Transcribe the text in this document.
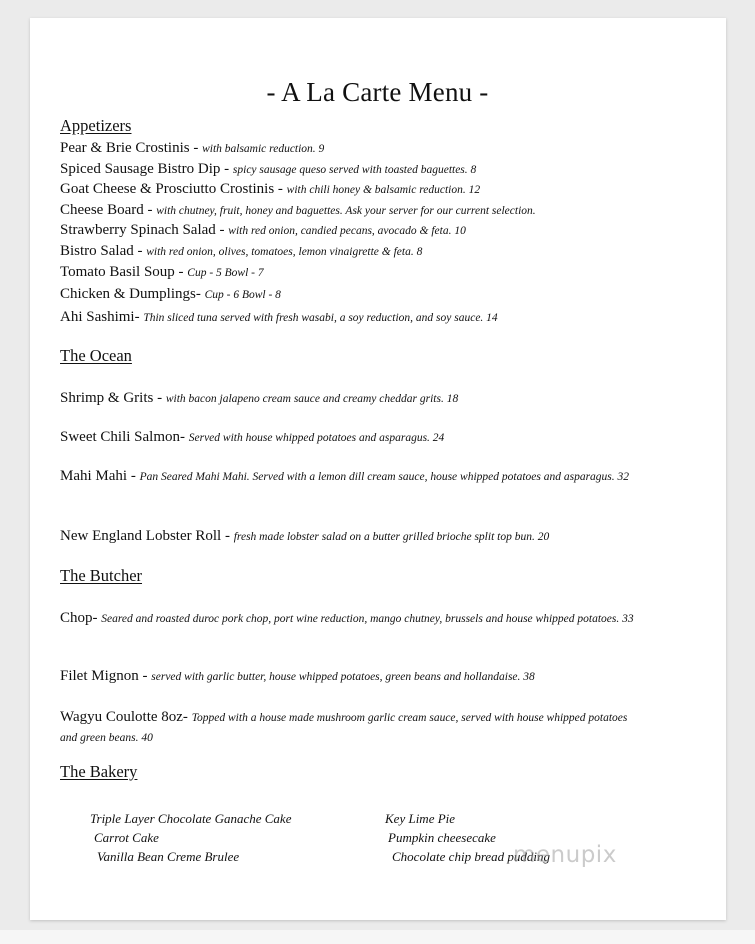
- A La Carte Menu -
Appetizers
Pear & Brie Crostinis - with balsamic reduction. 9
Spiced Sausage Bistro Dip - spicy sausage queso served with toasted baguettes. 8
Goat Cheese & Prosciutto Crostinis - with chili honey & balsamic reduction. 12
Cheese Board - with chutney, fruit, honey and baguettes. Ask your server for our current selection.
Strawberry Spinach Salad - with red onion, candied pecans, avocado & feta. 10
Bistro Salad - with red onion, olives, tomatoes, lemon vinaigrette & feta. 8
Tomato Basil Soup - Cup - 5 Bowl - 7
Chicken & Dumplings- Cup - 6 Bowl - 8
Ahi Sashimi- Thin sliced tuna served with fresh wasabi, a soy reduction, and soy sauce. 14
The Ocean
Shrimp & Grits - with bacon jalapeno cream sauce and creamy cheddar grits. 18
Sweet Chili Salmon- Served with house whipped potatoes and asparagus. 24
Mahi Mahi - Pan Seared Mahi Mahi. Served with a lemon dill cream sauce, house whipped potatoes and asparagus. 32
New England Lobster Roll - fresh made lobster salad on a butter grilled brioche split top bun. 20
The Butcher
Chop- Seared and roasted duroc pork chop, port wine reduction, mango chutney, brussels and house whipped potatoes. 33
Filet Mignon - served with garlic butter, house whipped potatoes, green beans and hollandaise. 38
Wagyu Coulotte 8oz- Topped with a house made mushroom garlic cream sauce, served with house whipped potatoes and green beans. 40
The Bakery
Triple Layer Chocolate Ganache Cake
Carrot Cake
Vanilla Bean Creme Brulee
Key Lime Pie
Pumpkin cheesecake
Chocolate chip bread pudding
menupix
